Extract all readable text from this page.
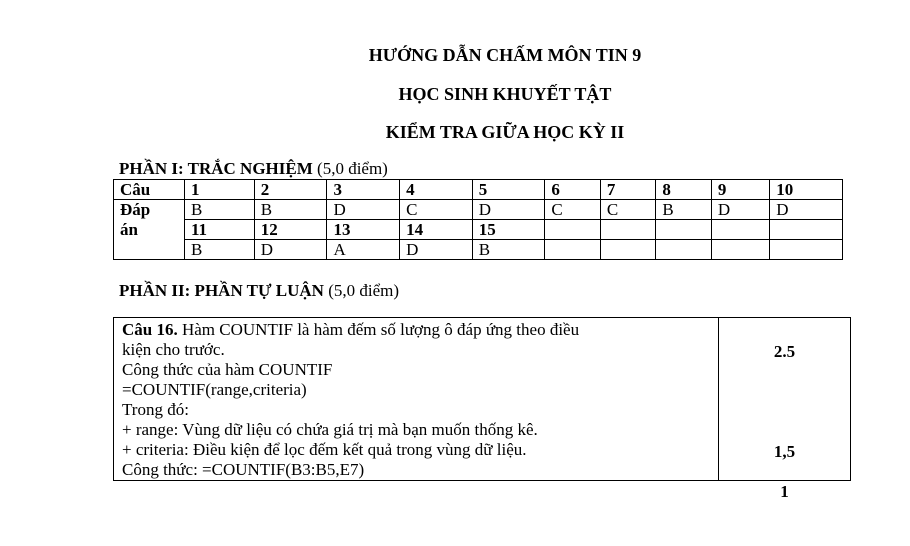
HƯỚNG DẪN CHẤM MÔN TIN 9
HỌC SINH KHUYẾT TẬT
KIỂM TRA GIỮA HỌC KỲ II
PHẦN I: TRẮC NGHIỆM (5,0 điểm)
Câu	1	2	3	4	5	6	7	8	9	10
Đáp	B	B	D	C	D	C	C	B	D	D
án	11	12	13	14	15					
	B	D	A	D	B					
PHẦN II: PHẦN TỰ LUẬN (5,0 điểm)
Câu 16. Hàm COUNTIF là hàm đếm số lượng ô đáp ứng theo điều
kiện cho trước.
Công thức của hàm COUNTIF
=COUNTIF(range,criteria)
Trong đó:
+ range: Vùng dữ liệu có chứa giá trị mà bạn muốn thống kê.
+ criteria: Điều kiện để lọc đếm kết quả trong vùng dữ liệu.
Công thức: =COUNTIF(B3:B5,E7)

2.5
1,5
1
